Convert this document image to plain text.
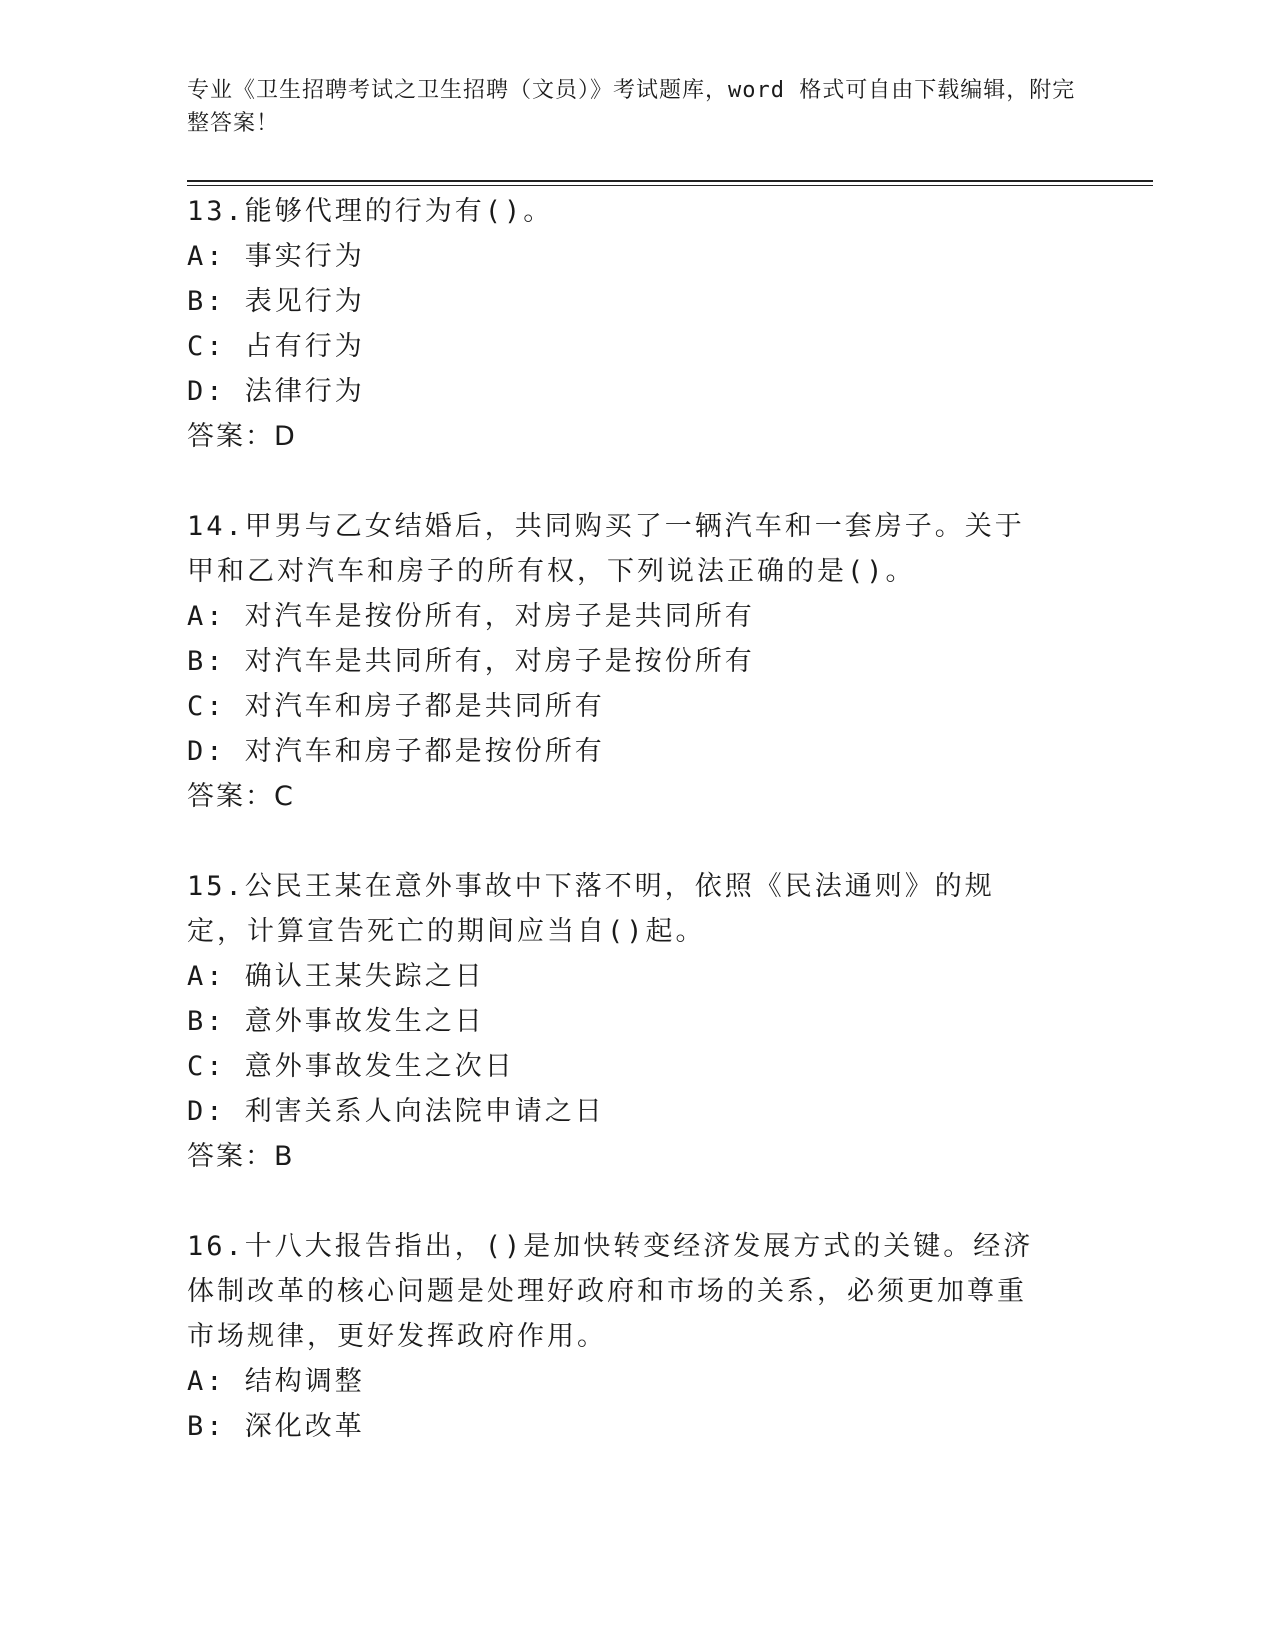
专业《卫生招聘考试之卫生招聘（文员）》考试题库，word 格式可自由下载编辑，附完整答案！
13.能够代理的行为有()。
A: 事实行为
B: 表见行为
C: 占有行为
D: 法律行为
答案：D
14.甲男与乙女结婚后，共同购买了一辆汽车和一套房子。关于甲和乙对汽车和房子的所有权，下列说法正确的是()。
A: 对汽车是按份所有，对房子是共同所有
B: 对汽车是共同所有，对房子是按份所有
C: 对汽车和房子都是共同所有
D: 对汽车和房子都是按份所有
答案：C
15.公民王某在意外事故中下落不明，依照《民法通则》的规定，计算宣告死亡的期间应当自()起。
A: 确认王某失踪之日
B: 意外事故发生之日
C: 意外事故发生之次日
D: 利害关系人向法院申请之日
答案：B
16.十八大报告指出，()是加快转变经济发展方式的关键。经济体制改革的核心问题是处理好政府和市场的关系，必须更加尊重市场规律，更好发挥政府作用。
A: 结构调整
B: 深化改革
